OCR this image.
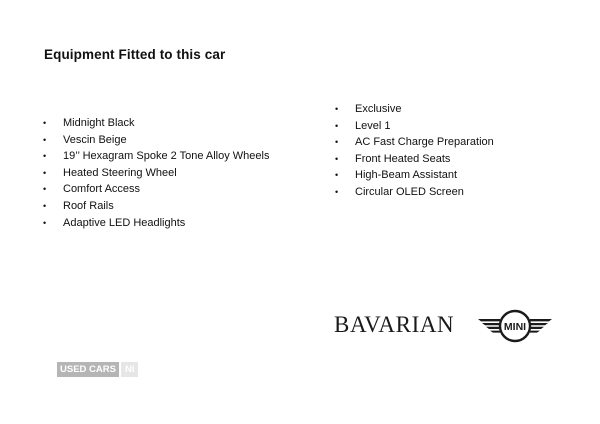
Equipment Fitted to this car
• Midnight Black
• Vescin Beige
• 19’’ Hexagram Spoke 2 Tone Alloy Wheels
• Heated Steering Wheel
• Comfort Access
• Roof Rails
• Adaptive LED Headlights
• Exclusive
• Level 1
• AC Fast Charge Preparation
• Front Heated Seats
• High-Beam Assistant
• Circular OLED Screen
BAVARIAN	MINI
USED CARS NI
